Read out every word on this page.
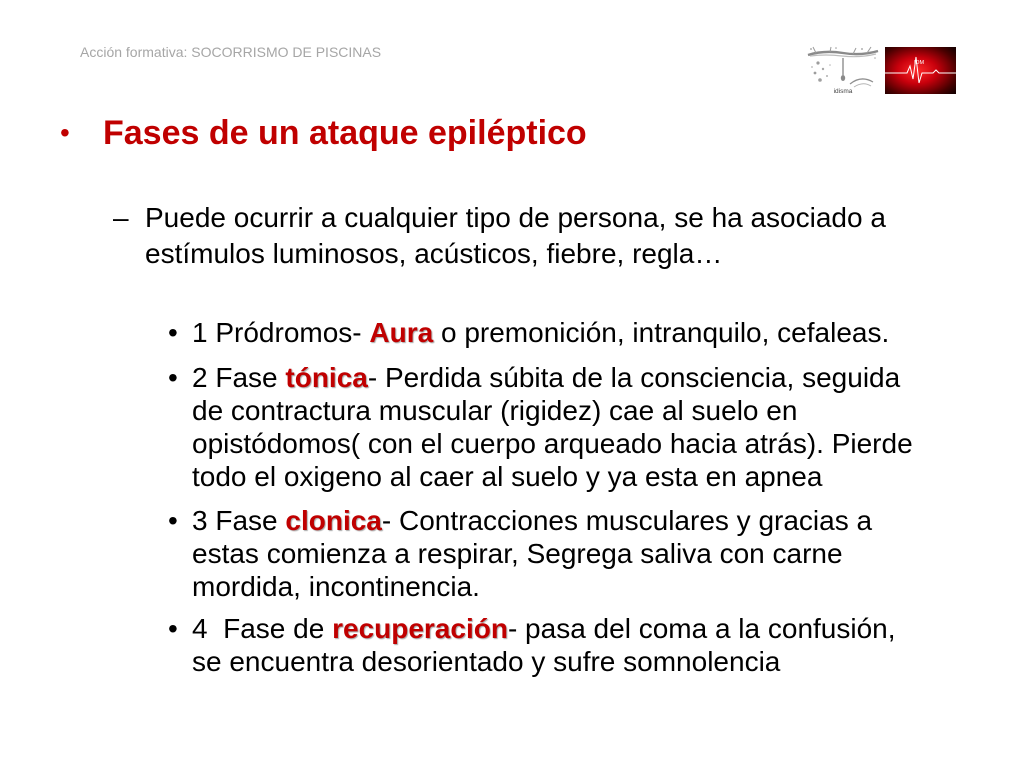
Acción formativa: SOCORRISMO DE PISCINAS
idisma
IDM
• Fases de un ataque epiléptico
– Puede ocurrir a cualquier tipo de persona, se ha asociado a
estímulos luminosos, acústicos, fiebre, regla…
• 1 Pródromos- Aura o premonición, intranquilo, cefaleas.
• 2 Fase tónica- Perdida súbita de la consciencia, seguida
de contractura muscular (rigidez) cae al suelo en
opistódomos( con el cuerpo arqueado hacia atrás). Pierde
todo el oxigeno al caer al suelo y ya esta en apnea
• 3 Fase clonica- Contracciones musculares y gracias a
estas comienza a respirar, Segrega saliva con carne
mordida, incontinencia.
• 4  Fase de recuperación- pasa del coma a la confusión,
se encuentra desorientado y sufre somnolencia
